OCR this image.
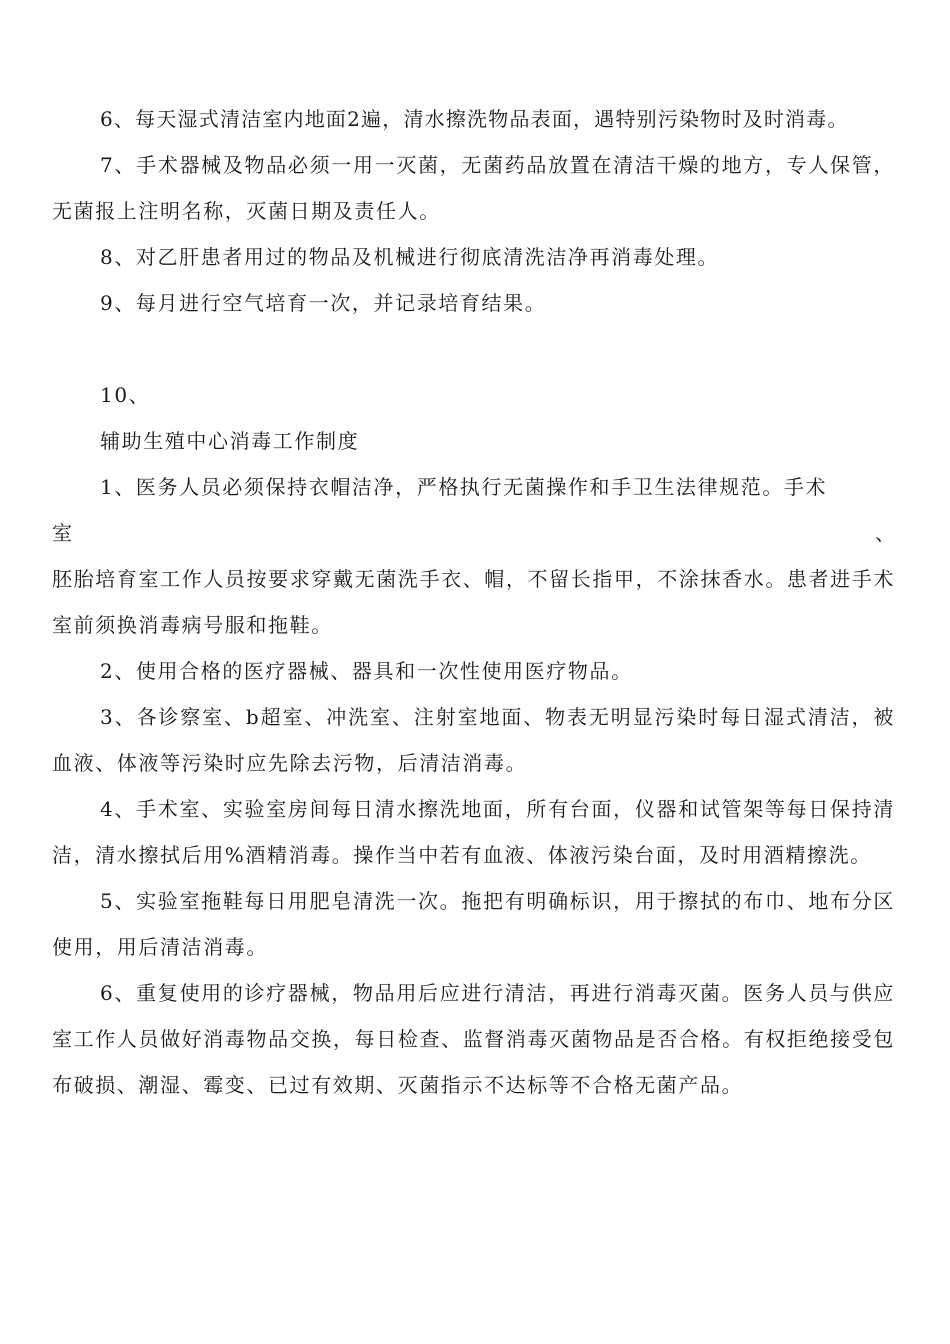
6、每天湿式清洁室内地面2遍，清水擦洗物品表面，遇特别污染物时及时消毒。

7、手术器械及物品必须一用一灭菌，无菌药品放置在清洁干燥的地方，专人保管，无菌报上注明名称，灭菌日期及责任人。

8、对乙肝患者用过的物品及机械进行彻底清洗洁净再消毒处理。

9、每月进行空气培育一次，并记录培育结果。

10、

辅助生殖中心消毒工作制度

1、医务人员必须保持衣帽洁净，严格执行无菌操作和手卫生法律规范。手术

室	、

胚胎培育室工作人员按要求穿戴无菌洗手衣、帽，不留长指甲，不涂抹香水。患者进手术室前须换消毒病号服和拖鞋。

2、使用合格的医疗器械、器具和一次性使用医疗物品。

3、各诊察室、b超室、冲洗室、注射室地面、物表无明显污染时每日湿式清洁，被血液、体液等污染时应先除去污物，后清洁消毒。

4、手术室、实验室房间每日清水擦洗地面，所有台面，仪器和试管架等每日保持清洁，清水擦拭后用%酒精消毒。操作当中若有血液、体液污染台面，及时用酒精擦洗。

5、实验室拖鞋每日用肥皂清洗一次。拖把有明确标识，用于擦拭的布巾、地布分区使用，用后清洁消毒。

6、重复使用的诊疗器械，物品用后应进行清洁，再进行消毒灭菌。医务人员与供应室工作人员做好消毒物品交换，每日检查、监督消毒灭菌物品是否合格。有权拒绝接受包布破损、潮湿、霉变、已过有效期、灭菌指示不达标等不合格无菌产品。
